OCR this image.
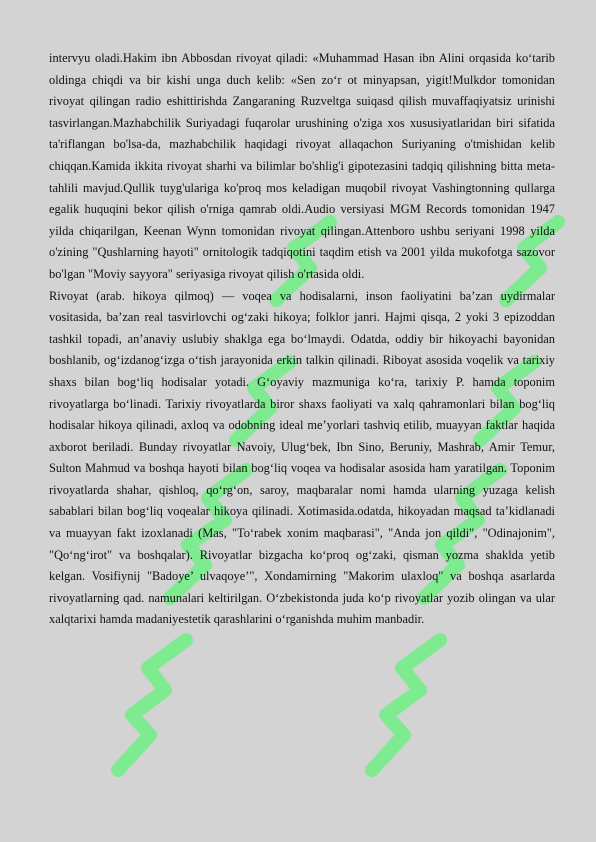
intervyu oladi.Hakim ibn Abbosdan rivoyat qiladi: «Muhammad Hasan ibn Alini orqasida ko‘tarib oldinga chiqdi va bir kishi unga duch kelib: «Sen zo‘r ot minyapsan, yigit!Mulkdor tomonidan rivoyat qilingan radio eshittirishda Zangaraning Ruzveltga suiqasd qilish muvaffaqiyatsiz urinishi tasvirlangan.Mazhabchilik Suriyadagi fuqarolar urushining o'ziga xos xususiyatlaridan biri sifatida ta'riflangan bo'lsa-da, mazhabchilik haqidagi rivoyat allaqachon Suriyaning o'tmishidan kelib chiqqan.Kamida ikkita rivoyat sharhi va bilimlar bo'shlig'i gipotezasini tadqiq qilishning bitta meta-tahlili mavjud.Qullik tuyg'ulariga ko'proq mos keladigan muqobil rivoyat Vashingtonning qullarga egalik huquqini bekor qilish o'rniga qamrab oldi.Audio versiyasi MGM Records tomonidan 1947 yilda chiqarilgan, Keenan Wynn tomonidan rivoyat qilingan.Attenboro ushbu seriyani 1998 yilda o'zining "Qushlarning hayoti" ornitologik tadqiqotini taqdim etish va 2001 yilda mukofotga sazovor bo'lgan "Moviy sayyora" seriyasiga rivoyat qilish o'rtasida oldi.

Rivoyat (arab. hikoya qilmoq) — voqea va hodisalarni, inson faoliyatini ba’zan uydirmalar vositasida, ba’zan real tasvirlovchi og‘zaki hikoya; folklor janri. Hajmi qisqa, 2 yoki 3 epizoddan tashkil topadi, an’anaviy uslubiy shaklga ega bo‘lmaydi. Odatda, oddiy bir hikoyachi bayonidan boshlanib, og‘izdanog‘izga o‘tish jarayonida erkin talkin qilinadi. Riboyat asosida voqelik va tarixiy shaxs bilan bog‘liq hodisalar yotadi. G‘oyaviy mazmuniga ko‘ra, tarixiy P. hamda toponim rivoyatlarga bo‘linadi. Tarixiy rivoyatlarda biror shaxs faoliyati va xalq qahramonlari bilan bog‘liq hodisalar hikoya qilinadi, axloq va odobning ideal me’yorlari tashviq etilib, muayyan faktlar haqida axborot beriladi. Bunday rivoyatlar Navoiy, Ulug‘bek, Ibn Sino, Beruniy, Mashrab, Amir Temur, Sulton Mahmud va boshqa hayoti bilan bog‘liq voqea va hodisalar asosida ham yaratilgan. Toponim rivoyatlarda shahar, qishloq, qo‘rg‘on, saroy, maqbaralar nomi hamda ularning yuzaga kelish sabablari bilan bog‘liq voqealar hikoya qilinadi. Xotimasida.odatda, hikoyadan maqsad ta’kidlanadi va muayyan fakt izoxlanadi (Mas, "To‘rabek xonim maqbarasi", "Anda jon qildi", "Odinajonim", "Qo‘ng‘irot" va boshqalar). Rivoyatlar bizgacha ko‘proq og‘zaki, qisman yozma shaklda yetib kelgan. Vosifiynij "Badoye’ ulvaqoye’", Xondamirning "Makorim ulaxloq" va boshqa asarlarda rivoyatlarning qad. namunalari keltirilgan. O‘zbekistonda juda ko‘p rivoyatlar yozib olingan va ular xalqtarixi hamda madaniyestetik qarashlarini o‘rganishda muhim manbadir.
